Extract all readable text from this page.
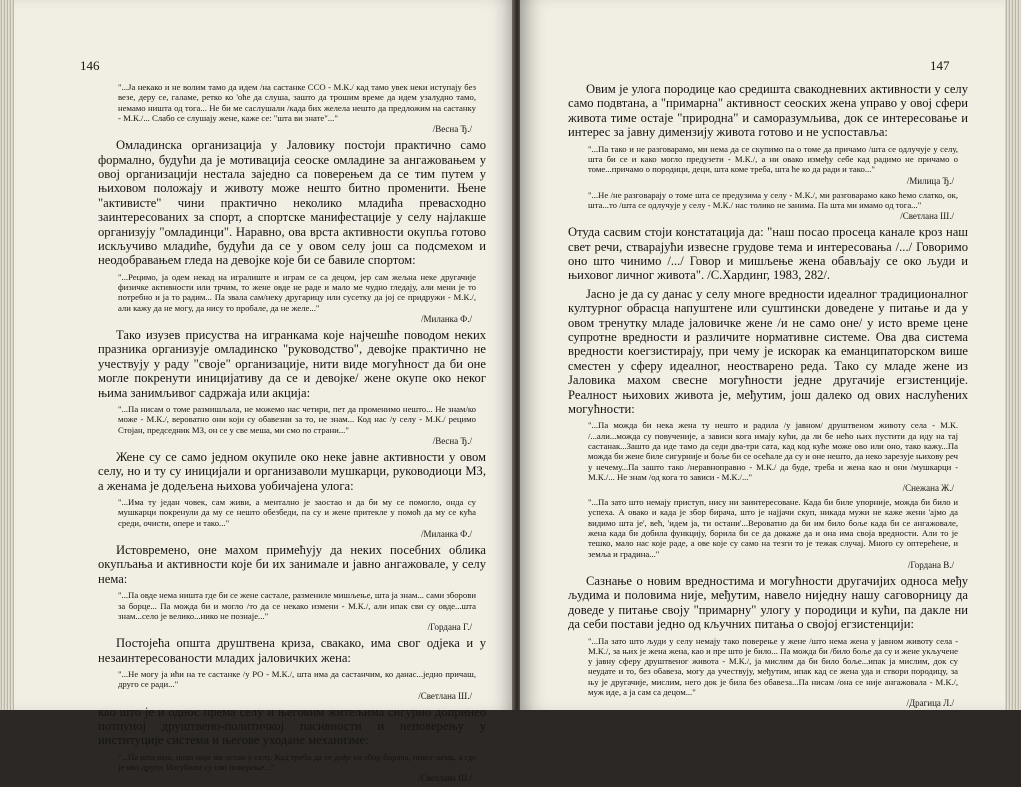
146

"...Ја некако и не волим тамо да идем /на састанке ССО - М.К./ кад тамо увек неки иступају без везе, деру се, галаме, ретко ко 'оће да слуша, зашто да трошим време да идем узалудно тамо, немамо ништа од тога... Не би ме саслушали /када бих желела нешто да предложим на састанку - М.К./... Слабо се слушају жене, каже се: "шта ви знате"..."

/Весна Ђ./

Омладинска организација у Јаловику постоји практично само формално, будући да је мотивација сеоске омладине за ангажовањем у овој организацији нестала заједно са поверењем да се тим путем у њиховом положају и животу може нешто битно променити. Њене "активисте" чини практично неколико младића превасходно заинтересованих за спорт, а спортске манифестације у селу најлакше организују "омладинци". Наравно, ова врста активности окупља готово искључиво младиће, будући да се у овом селу још са подсмехом и неодобравањем гледа на девојке које би се бавиле спортом:

"...Рецимо, ја одем некад на игралиште и играм се са децом, јер сам жељна неке другачије физичке активности или трчим, то жене овде не раде и мало ме чудно гледају, али мени је то потребно и ја то радим... Па звала сам/неку другарицу или сусетку да јој се придружи - М.К./, али кажу да не могу, да нису то пробале, да не желе..."

/Миланка Ф./

Тако изузев присуства на игранкама које најчешће поводом неких празника организује омладинско "руководство", девојке практично не учествују у раду "своје" организације, нити виде могућност да би оне могле покренути иницијативу да се и девојке/ жене окупе око неког њима занимљивог садржаја или акција:

"...Па нисам о томе размишљала, не можемо нас четири, пет да променимо нешто... Не знам/ко може - М.К./, вероватно они који су обавезни за то, не знам... Код нас /у селу - М.К./ рецимо Стојан, председник МЗ, он се у све меша, ми смо по страни..."

/Весна Ђ./

Жене су се само једном окупиле око неке јавне активности у овом селу, но и ту су иницијали и организаволи мушкарци, руководиоци МЗ, а женама је додељена њихова уобичајена улога:

"...Има ту један човек, сам живи, а ментално је заостао и да би му се помогло, онда су мушкарци покренули да му се нешто обезбеди, па су и жене притекле у помоћ да му се кућа среди, очисти, опере и тако..."

/Миланка Ф./

Истовремено, оне махом примећују да неких посебних облика окупљања и активности које би их занимале и јавно ангажовале, у селу нема:

"...Па овде нема ништа где би се жене састале, размениле мишљење, шта ја знам... сами зборови за борце... Па можда би и могло /то да се некако измени - М.К./, али ипак сви су овде...шта знам...село је велико...нико не познаје..."

/Гордана Г./

Постојећа општа друштвена криза, свакако, има свог одјека и у незаинтересованости младих јаловичких жена:

"...Не могу ја ићи на те састанке /у РО - М.К./, шта има да састанчим, ко данас...једно причаш, друго се ради..."

/Светлана Ш./

као што је и однос према селу и његовим житељима сигурно допринео потпуној друштвено-политичкој пасивности и неповерењу у институције система и његове уходане механизме:

"...Па шта има, нико није ни остао у селу. Кад треба да се дође на збор бирача, никог нема, а где је ово друго. Изгубили су сви поверење..."

/Светлана Ш./

147

Овим је улога породице као средишта свакодневних активности у селу само подвтана, а "примарна" активност сеоских жена управо у овој сфери живота тиме остаје "природна" и саморазумљива, док се интересовање и интерес за јавну димензију живота готово и не успостављa:

"...Па тако и не разговарамо, ми нема да се скупимо па о томе да причамо /шта се одлучује у селу, шта би се и како могло предузети - М.К./, а ни овако између себе кад радимо не причамо о томе...причамо о породици, деци, шта коме треба, шта ће ко да ради и тако..."

/Милица Ђ./

"...Не /не разговарају о томе шта се предузима у селу - М.К./, ми разговарамо како ћемо слатко, ок, шта...то /шта се одлучује у селу - М.К./ нас толико не занима. Па шта ми имамо од тога..."

/Светлана Ш./

Отуда сасвим стоји констатација да: "наш посао просеца канале кроз наш свет речи, стварајући извесне грудове тема и интересовања /.../ Говоримо оно што чинимо /.../ Говор и мишљење жена обављају се око људи и њиховог личног живота". /С.Хардинг, 1983, 282/.

Јасно је да су данас у селу многе вредности идеалног традиционалног културног обрасца напуштене или суштински доведене у питање и да у овом тренутку младе јаловичке жене /и не само оне/ у исто време цене супротне вредности и различите нормативне системе. Ова два система вредности коегзистирају, при чему је искорак ка еманципаторском више сместен у сферу идеалног, неостварено реда. Тако су младе жене из Јаловика махом свесне могућности једне другачије егзистенције. Реалност њихових живота је, међутим, још далеко од ових наслућених могућности:

"...Па можда би нека жена ту нешто и радила /у јавном/ друштвеном животу села - М.К. /...али...можда су повученије, а зависи кога имају кући, да ли бе нећо њих пустити да иду на тај састанак...Зашто да иде тамо да седи два-три сата, кад код куће може ово или оно, тако кажу...Па можда би жене биле сигурније и боље би се осећале да су и оне нешто, да неко зарезује њихову реч у нечему...Па зашто тако /неравноправно - М.К./ да буде, треба и жена као и они /мушкарци - М.К./... Не знам /од кога то зависи - М.К./..."

/Снежана Ж./

"...Па зато што немају приступ, нису ни заинтересоване. Када би биле упорније, можда би било и успеха. А овако и када је збор бирача, што је најјачи скуп, никада мужи не каже жени 'ајмо да видимо шта је', већ, 'идем ја, ти остани'...Вероватно да би им било боље када би се ангажовале, жена када би добила функцију, борила би се да докаже да и она има своја вредности. Али то је тешко, мало нас које раде, а ове које су само на тезги то је тежак случај. Много су оптерећене, и земља и градина..."

/Гордана В./

Сазнање о новим вредностима и могућности другачијих односа међу људима и половима није, међутим, навело ниједну нашу саговорницу да доведе у питање своју "примарну" улогу у породици и кући, па дакле ни да себи постави једно од кључних питања о својој егзистенцији:

"...Па зато што људи у селу немају тако поверење у жене /што нема жена у јавном животу села - М.К./, за њих је жена жена, као и пре што је било... Па можда би /било боље да су и жене укључене у јавну сферу друштвеног живота - М.К./, ја мислим да би било боље...ипак ја мислим, док су неудате и то, без обавеза, могу да учествују, међутим, ипак кад се жена уда и створи породицу, за њу је другачије, мислим, него док је била без обавеза...Па нисам /она се није ангажовала - М.К./, муж иде, а ја сам са децом..."

/Драгица Л./
